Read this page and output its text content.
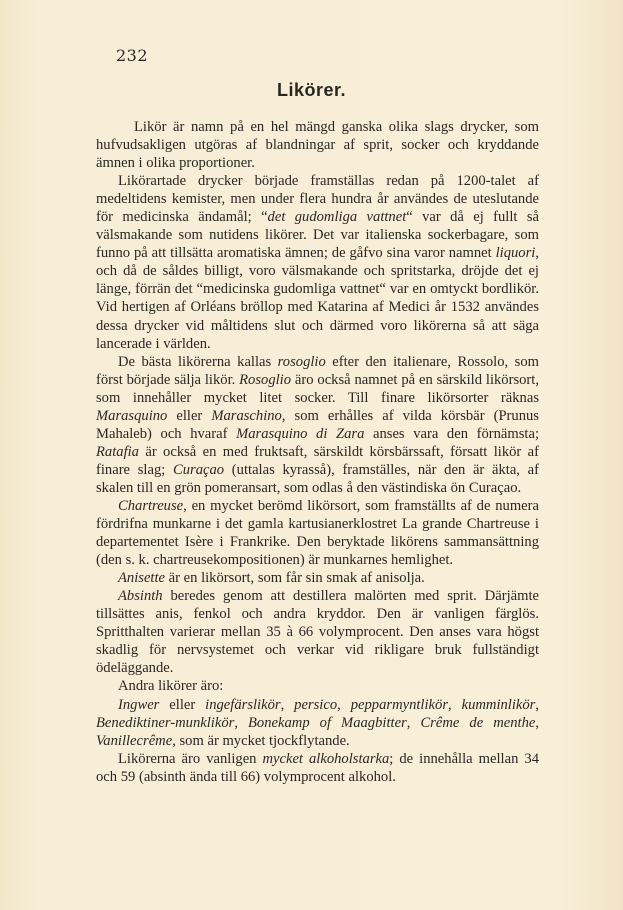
232
Likörer.

Likör är namn på en hel mängd ganska olika slags drycker, som hufvudsakligen utgöras af blandningar af sprit, socker och kryddande ämnen i olika proportioner.

Likörartade drycker började framställas redan på 1200-talet af medeltidens kemister, men under flera hundra år användes de uteslutande för medicinska ändamål; “det gudomliga vattnet“ var då ej fullt så välsmakande som nutidens likörer. Det var italienska sockerbagare, som funno på att tillsätta aromatiska ämnen; de gåfvo sina varor namnet liquori, och då de såldes billigt, voro välsmakande och spritstarka, dröjde det ej länge, förrän det “medicinska gudomliga vattnet“ var en omtyckt bordlikör. Vid hertigen af Orléans bröllop med Katarina af Medici år 1532 användes dessa drycker vid måltidens slut och därmed voro likörerna så att säga lancerade i världen.

De bästa likörerna kallas rosoglio efter den italienare, Rossolo, som först började sälja likör. Rosoglio äro också namnet på en särskild likörsort, som innehåller mycket litet socker. Till finare likörsorter räknas Marasquino eller Maraschino, som erhålles af vilda körsbär (Prunus Mahaleb) och hvaraf Marasquino di Zara anses vara den förnämsta; Ratafia är också en med fruktsaft, särskildt körsbärssaft, försatt likör af finare slag; Curaçao (uttalas kyrasså), framställes, när den är äkta, af skalen till en grön pomeransart, som odlas å den västindiska ön Curaçao.

Chartreuse, en mycket berömd likörsort, som framställts af de numera fördrifna munkarne i det gamla kartusianerklostret La grande Chartreuse i departementet Isère i Frankrike. Den beryktade likörens sammansättning (den s. k. chartreusekompositionen) är munkarnes hemlighet.

Anisette är en likörsort, som får sin smak af anisolja.

Absinth beredes genom att destillera malörten med sprit. Därjämte tillsättes anis, fenkol och andra kryddor. Den är vanligen färglös. Spritthalten varierar mellan 35 à 66 volymprocent. Den anses vara högst skadlig för nervsystemet och verkar vid rikligare bruk fullständigt ödeläggande.

Andra likörer äro:

Ingwer eller ingefärslikör, persico, pepparmyntlikör, kumminlikör, Benediktiner-munklikör, Bonekamp of Maagbitter, Crême de menthe, Vanillecrême, som är mycket tjockflytande.

Likörerna äro vanligen mycket alkoholstarka; de innehålla mellan 34 och 59 (absinth ända till 66) volymprocent alkohol.
